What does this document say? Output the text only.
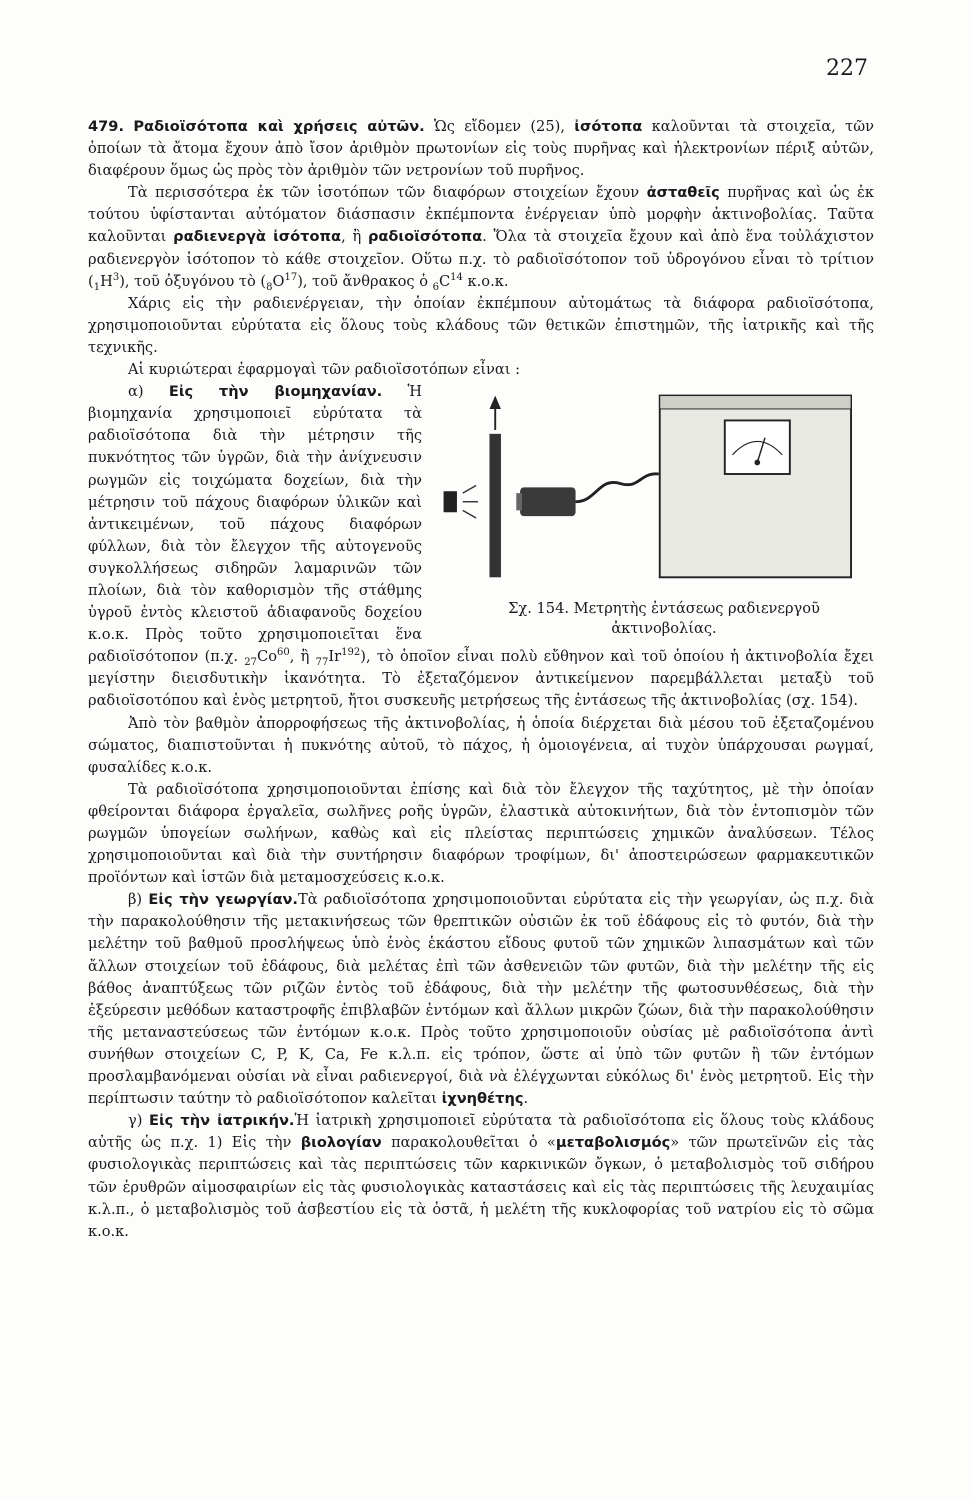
227

479. Ραδιοϊσότοπα καὶ χρήσεις αὐτῶν. Ὡς εἴδομεν (25), ἰσότοπα καλοῦνται τὰ στοιχεῖα, τῶν ὁποίων τὰ ἄτομα ἔχουν ἀπὸ ἴσον ἀριθμὸν πρωτονίων εἰς τοὺς πυρῆνας καὶ ἠλεκτρονίων πέριξ αὐτῶν, διαφέρουν ὅμως ὡς πρὸς τὸν ἀριθμὸν τῶν νετρονίων τοῦ πυρῆνος.

Τὰ περισσότερα ἐκ τῶν ἰσοτόπων τῶν διαφόρων στοιχείων ἔχουν ἀσταθεῖς πυρῆνας καὶ ὡς ἐκ τούτου ὑφίστανται αὐτόματον διάσπασιν ἐκπέμποντα ἐνέργειαν ὑπὸ μορφὴν ἀκτινοβολίας. Ταῦτα καλοῦνται ραδιενεργὰ ἰσότοπα, ἢ ραδιοϊσότοπα. Ὅλα τὰ στοιχεῖα ἔχουν καὶ ἀπὸ ἕνα τοὐλάχιστον ραδιενεργὸν ἰσότοπον τὸ κάθε στοιχεῖον. Οὕτω π.χ. τὸ ραδιοϊσότοπον τοῦ ὑδρογόνου εἶναι τὸ τρίτιον $(_1H^3)$, τοῦ ὀξυγόνου τὸ $(_8O^{17})$, τοῦ ἄνθρακος ὁ $_6C^{14}$ κ.ο.κ.

Χάρις εἰς τὴν ραδιενέργειαν, τὴν ὁποίαν ἐκπέμπουν αὐτομάτως τὰ διάφορα ραδιοϊσότοπα, χρησιμοποιοῦνται εὐρύτατα εἰς ὅλους τοὺς κλάδους τῶν θετικῶν ἐπιστημῶν, τῆς ἰατρικῆς καὶ τῆς τεχνικῆς.

Αἱ κυριώτεραι ἐφαρμογαὶ τῶν ραδιοϊσοτόπων εἶναι :

Σχ. 154. Μετρητὴς ἐντάσεως ραδιενεργοῦ
ἀκτινοβολίας.

α) Εἰς τὴν βιομηχανίαν. Ἡ βιομηχανία χρησιμοποιεῖ εὐρύτατα τὰ ραδιοϊσότοπα διὰ τὴν μέτρησιν τῆς πυκνότητος τῶν ὑγρῶν, διὰ τὴν ἀνίχνευσιν ρωγμῶν εἰς τοιχώματα δοχείων, διὰ τὴν μέτρησιν τοῦ πάχους διαφόρων ὑλικῶν καὶ ἀντικειμένων, τοῦ πάχους διαφόρων φύλλων, διὰ τὸν ἔλεγχον τῆς αὐτογενοῦς συγκολλήσεως σιδηρῶν λαμαρινῶν τῶν πλοίων, διὰ τὸν καθορισμὸν τῆς στάθμης ὑγροῦ ἐντὸς κλειστοῦ ἀδιαφανοῦς δοχείου κ.ο.κ. Πρὸς τοῦτο χρησιμοποιεῖται ἕνα ραδιοϊσότοπον (π.χ. $_{27}Co^{60}$, ἢ $_{77}Ir^{192}$), τὸ ὁποῖον εἶναι πολὺ εὔθηνον καὶ τοῦ ὁποίου ἡ ἀκτινοβολία ἔχει μεγίστην διεισδυτικὴν ἱκανότητα. Τὸ ἐξεταζόμενον ἀντικείμενον παρεμβάλλεται μεταξὺ τοῦ ραδιοϊσοτόπου καὶ ἑνὸς μετρητοῦ, ἤτοι συσκευῆς μετρήσεως τῆς ἐντάσεως τῆς ἀκτινοβολίας (σχ. 154).

Ἀπὸ τὸν βαθμὸν ἀπορροφήσεως τῆς ἀκτινοβολίας, ἡ ὁποία διέρχεται διὰ μέσου τοῦ ἐξεταζομένου σώματος, διαπιστοῦνται ἡ πυκνότης αὐτοῦ, τὸ πάχος, ἡ ὁμοιογένεια, αἱ τυχὸν ὑπάρχουσαι ρωγμαί, φυσαλίδες κ.ο.κ.

Τὰ ραδιοϊσότοπα χρησιμοποιοῦνται ἐπίσης καὶ διὰ τὸν ἔλεγχον τῆς ταχύτητος, μὲ τὴν ὁποίαν φθείρονται διάφορα ἐργαλεῖα, σωλῆνες ροῆς ὑγρῶν, ἐλαστικὰ αὐτοκινήτων, διὰ τὸν ἐντοπισμὸν τῶν ρωγμῶν ὑπογείων σωλήνων, καθὼς καὶ εἰς πλείστας περιπτώσεις χημικῶν ἀναλύσεων. Τέλος χρησιμοποιοῦνται καὶ διὰ τὴν συντήρησιν διαφόρων τροφίμων, δι' ἀποστειρώσεων φαρμακευτικῶν προϊόντων καὶ ἱστῶν διὰ μεταμοσχεύσεις κ.ο.κ.

β) Εἰς τὴν γεωργίαν.Τὰ ραδιοϊσότοπα χρησιμοποιοῦνται εὐρύτατα εἰς τὴν γεωργίαν, ὡς π.χ. διὰ τὴν παρακολούθησιν τῆς μετακινήσεως τῶν θρεπτικῶν οὐσιῶν ἐκ τοῦ ἐδάφους εἰς τὸ φυτόν, διὰ τὴν μελέτην τοῦ βαθμοῦ προσλήψεως ὑπὸ ἑνὸς ἑκάστου εἴδους φυτοῦ τῶν χημικῶν λιπασμάτων καὶ τῶν ἄλλων στοιχείων τοῦ ἐδάφους, διὰ μελέτας ἐπὶ τῶν ἀσθενειῶν τῶν φυτῶν, διὰ τὴν μελέτην τῆς εἰς βάθος ἀναπτύξεως τῶν ριζῶν ἐντὸς τοῦ ἐδάφους, διὰ τὴν μελέτην τῆς φωτοσυνθέσεως, διὰ τὴν ἐξεύρεσιν μεθόδων καταστροφῆς ἐπιβλαβῶν ἐντόμων καὶ ἄλλων μικρῶν ζώων, διὰ τὴν παρακολούθησιν τῆς μεταναστεύσεως τῶν ἐντόμων κ.ο.κ. Πρὸς τοῦτο χρησιμοποιοῦν οὐσίας μὲ ραδιοϊσότοπα ἀντὶ συνήθων στοιχείων C, P, K, Ca, Fe κ.λ.π. εἰς τρόπον, ὥστε αἱ ὑπὸ τῶν φυτῶν ἢ τῶν ἐντόμων προσλαμβανόμεναι οὐσίαι νὰ εἶναι ραδιενεργοί, διὰ νὰ ἐλέγχωνται εὐκόλως δι' ἑνὸς μετρητοῦ. Εἰς τὴν περίπτωσιν ταύτην τὸ ραδιοϊσότοπον καλεῖται ἰχνηθέτης.

γ) Εἰς τὴν ἰατρικήν.Ἡ ἰατρικὴ χρησιμοποιεῖ εὐρύτατα τὰ ραδιοϊσότοπα εἰς ὅλους τοὺς κλάδους αὐτῆς ὡς π.χ. 1) Εἰς τὴν βιολογίαν παρακολουθεῖται ὁ «μεταβολισμός» τῶν πρωτεϊνῶν εἰς τὰς φυσιολογικὰς περιπτώσεις καὶ τὰς περιπτώσεις τῶν καρκινικῶν ὄγκων, ὁ μεταβολισμὸς τοῦ σιδήρου τῶν ἐρυθρῶν αἱμοσφαιρίων εἰς τὰς φυσιολογικὰς καταστάσεις καὶ εἰς τὰς περιπτώσεις τῆς λευχαιμίας κ.λ.π., ὁ μεταβολισμὸς τοῦ ἀσβεστίου εἰς τὰ ὀστᾶ, ἡ μελέτη τῆς κυκλοφορίας τοῦ νατρίου εἰς τὸ σῶμα κ.ο.κ.
